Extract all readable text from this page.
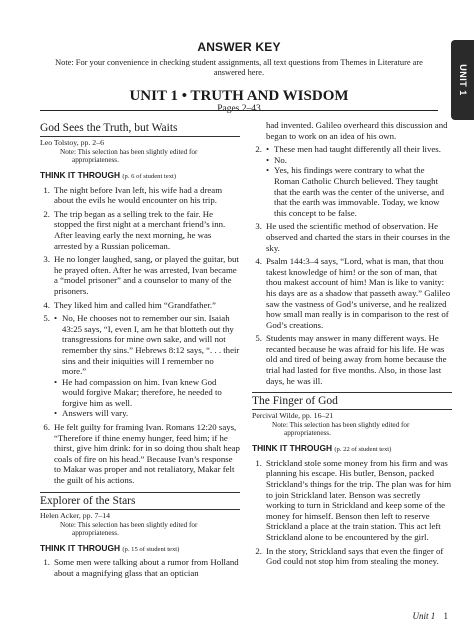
UNIT 1
ANSWER KEY
Note: For your convenience in checking student assignments, all text questions from Themes in Literature are answered here.
UNIT 1 • TRUTH AND WISDOM
Pages 2–43
God Sees the Truth, but Waits
Leo Tolstoy, pp. 2–6
Note: This selection has been slightly edited for appropriateness.
THINK IT THROUGH (p. 6 of student text)
1. The night before Ivan left, his wife had a dream about the evils he would encounter on his trip.
2. The trip began as a selling trek to the fair. He stopped the first night at a merchant friend’s inn. After leaving early the next morning, he was arrested by a Russian policeman.
3. He no longer laughed, sang, or played the guitar, but he prayed often. After he was arrested, Ivan became a “model prisoner” and a counselor to many of the prisoners.
4. They liked him and called him “Grandfather.”
5.	• No, He chooses not to remember our sin. Isaiah 43:25 says, “I, even I, am he that blotteth out thy transgressions for mine own sake, and will not remember thy sins.” Hebrews 8:12 says, “. . . their sins and their iniquities will I remember no more.”
• He had compassion on him. Ivan knew God would forgive Makar; therefore, he needed to forgive him as well.
• Answers will vary.
6. He felt guilty for framing Ivan. Romans 12:20 says, “Therefore if thine enemy hunger, feed him; if he thirst, give him drink: for in so doing thou shalt heap coals of fire on his head.” Because Ivan’s response to Makar was proper and not retaliatory, Makar felt the guilt of his actions.
Explorer of the Stars
Helen Acker, pp. 7–14
Note: This selection has been slightly edited for appropriateness.
THINK IT THROUGH (p. 15 of student text)
1. Some men were talking about a rumor from Holland about a magnifying glass that an optician
had invented. Galileo overheard this discussion and began to work on an idea of his own.
2.	• These men had taught differently all their lives.
• No.
• Yes, his findings were contrary to what the Roman Catholic Church believed. They taught that the earth was the center of the universe, and that the earth was immovable. Today, we know this concept to be false.
3. He used the scientific method of observation. He observed and charted the stars in their courses in the sky.
4. Psalm 144:3–4 says, “Lord, what is man, that thou takest knowledge of him! or the son of man, that thou makest account of him! Man is like to vanity: his days are as a shadow that passeth away.” Galileo saw the vastness of God’s universe, and he realized how small man really is in comparison to the rest of God’s creations.
5. Students may answer in many different ways. He recanted because he was afraid for his life. He was old and tired of being away from home because the trial had lasted for five months. Also, in those last days, he was ill.
The Finger of God
Percival Wilde, pp. 16–21
Note: This selection has been slightly edited for appropriateness.
THINK IT THROUGH (p. 22 of student text)
1. Strickland stole some money from his firm and was planning his escape. His butler, Benson, packed Strickland’s things for the trip. The plan was for him to join Strickland later. Benson was secretly working to turn in Strickland and keep some of the money for himself. Benson then left to reserve Strickland a place at the train station. This act left Strickland alone to be encountered by the girl.
2. In the story, Strickland says that even the finger of God could not stop him from stealing the money.
Unit 1 1
